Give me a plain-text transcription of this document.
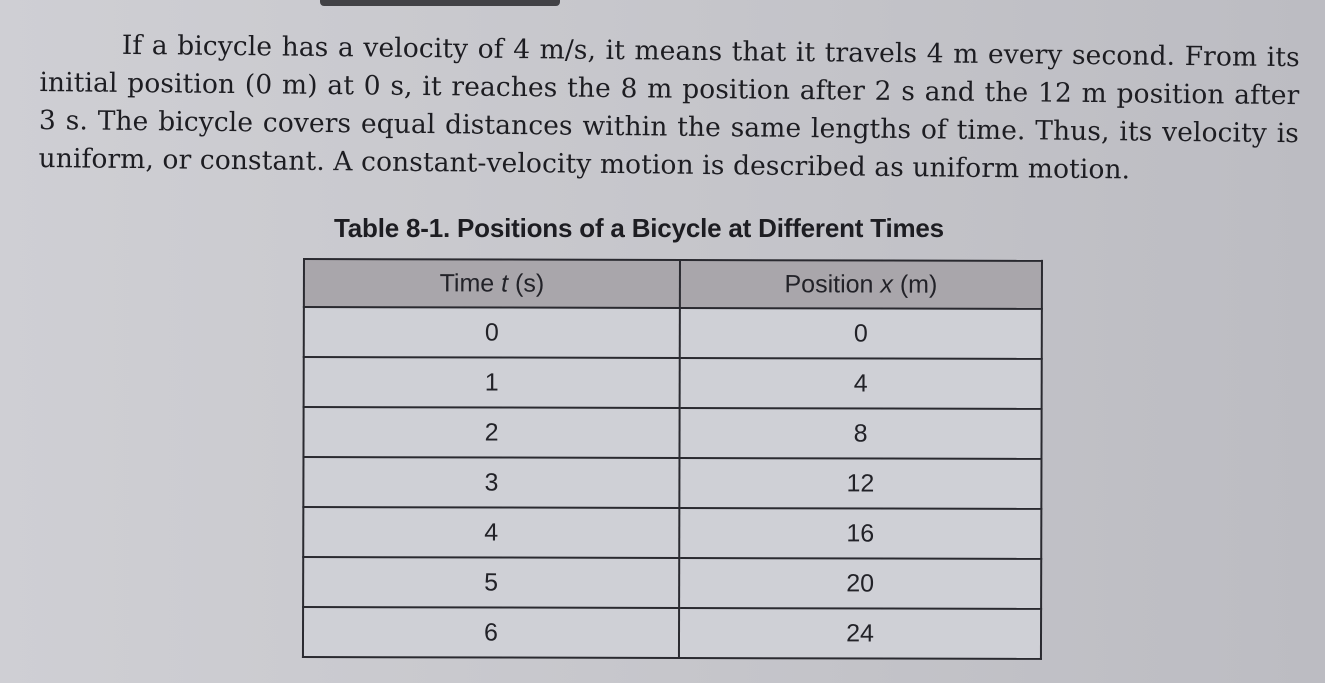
If a bicycle has a velocity of 4 m/s, it means that it travels 4 m every second. From its initial position (0 m) at 0 s, it reaches the 8 m position after 2 s and the 12 m position after 3 s. The bicycle covers equal distances within the same lengths of time. Thus, its velocity is uniform, or constant. A constant-velocity motion is described as uniform motion.

Table 8-1. Positions of a Bicycle at Different Times
Time t (s)	Position x (m)
0	0
1	4
2	8
3	12
4	16
5	20
6	24
